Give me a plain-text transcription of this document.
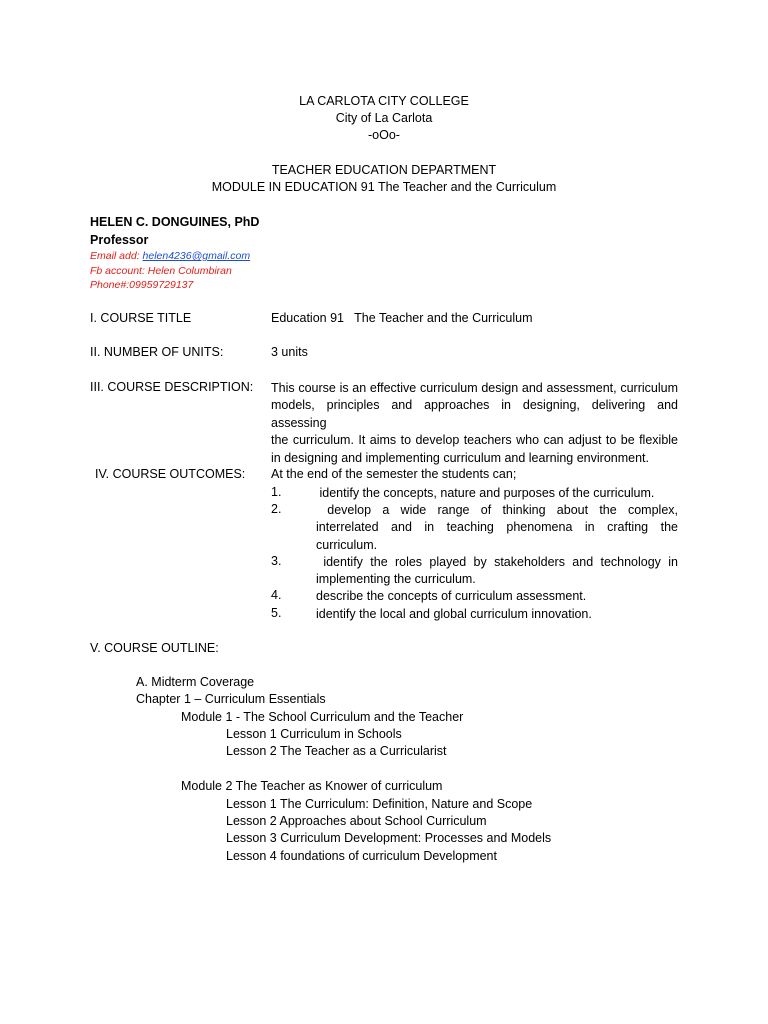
LA CARLOTA CITY COLLEGE
City of La Carlota
-oOo-
TEACHER EDUCATION DEPARTMENT
MODULE IN EDUCATION 91 The Teacher and the Curriculum
HELEN C. DONGUINES, PhD
Professor
Email add: helen4236@gmail.com
Fb account: Helen Columbiran
Phone#:09959729137
I. COURSE TITLE	Education 91   The Teacher and the Curriculum
II. NUMBER OF UNITS:	3 units
III. COURSE DESCRIPTION: This course is an effective curriculum design and assessment, curriculum
models, principles and approaches in designing, delivering and assessing
the curriculum. It aims to develop teachers who can adjust to be flexible
in designing and implementing curriculum and learning environment.
IV. COURSE OUTCOMES: At the end of the semester the students can;
1.	identify the concepts, nature and purposes of the curriculum.
2.	develop a wide range of thinking about the complex,
interrelated and in teaching phenomena in crafting the
curriculum.
3.	identify the roles played by stakeholders and technology in
implementing the curriculum.
4.	describe the concepts of curriculum assessment.
5.	identify the local and global curriculum innovation.
V. COURSE OUTLINE:
A. Midterm Coverage
Chapter 1 – Curriculum Essentials
Module 1 - The School Curriculum and the Teacher
Lesson 1 Curriculum in Schools
Lesson 2 The Teacher as a Curricularist
Module 2 The Teacher as Knower of curriculum
Lesson 1 The Curriculum: Definition, Nature and Scope
Lesson 2 Approaches about School Curriculum
Lesson 3 Curriculum Development: Processes and Models
Lesson 4 foundations of curriculum Development
